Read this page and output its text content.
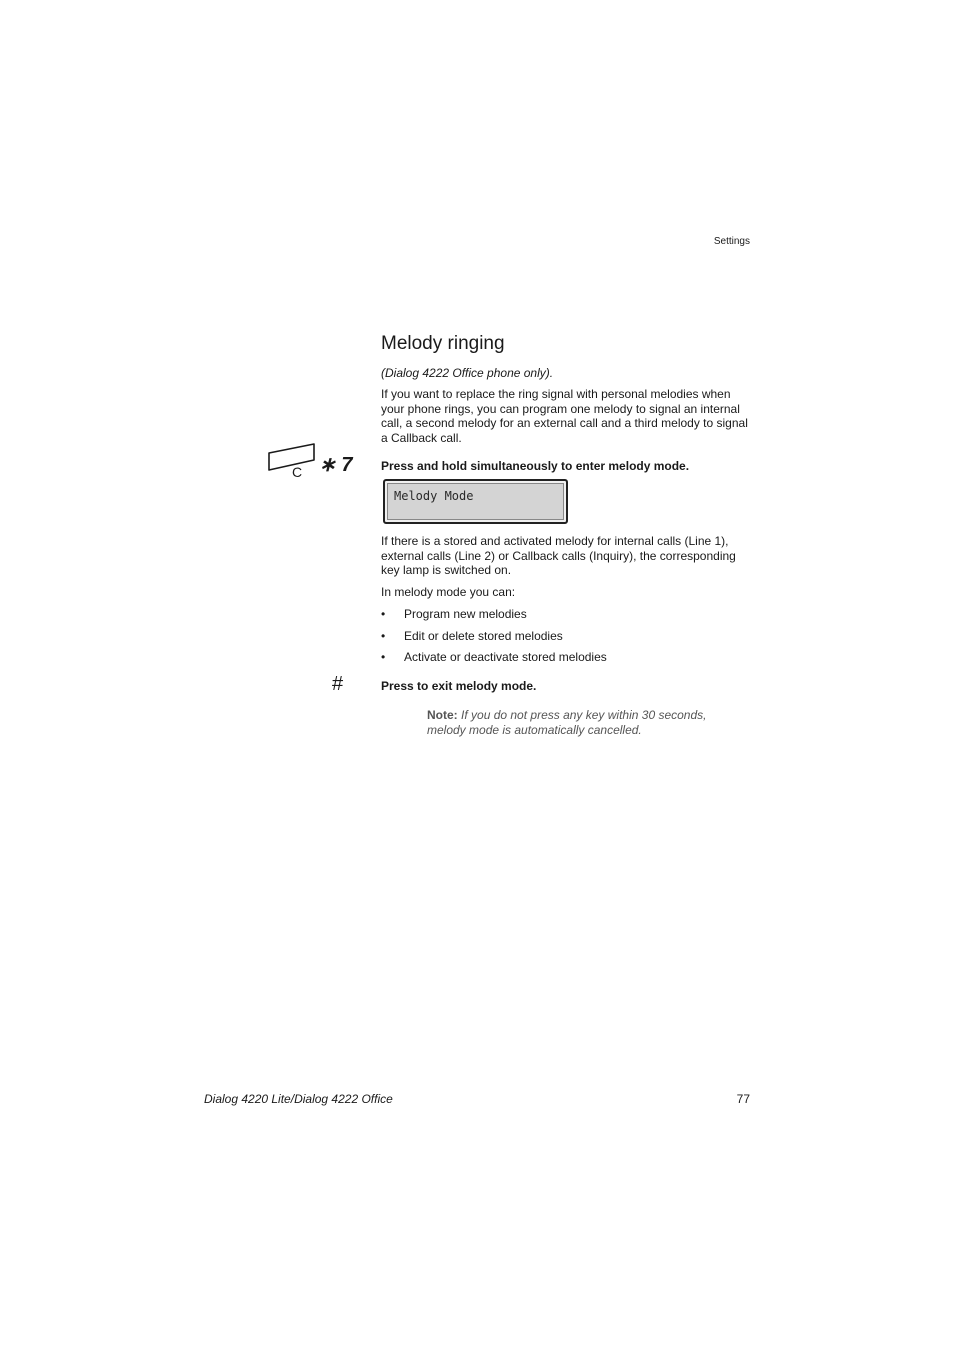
Settings
Melody ringing
(Dialog 4222 Office phone only).
If you want to replace the ring signal with personal melodies when your phone rings, you can program one melody to signal an internal call, a second melody for an external call and a third melody to signal a Callback call.
C ∗ 7 Press and hold simultaneously to enter melody mode.
Melody Mode
If there is a stored and activated melody for internal calls (Line 1), external calls (Line 2) or Callback calls (Inquiry), the corresponding key lamp is switched on.
In melody mode you can:
• Program new melodies
• Edit or delete stored melodies
• Activate or deactivate stored melodies
#	Press to exit melody mode.
Note: If you do not press any key within 30 seconds, melody mode is automatically cancelled.
Dialog 4220 Lite/Dialog 4222 Office	77
